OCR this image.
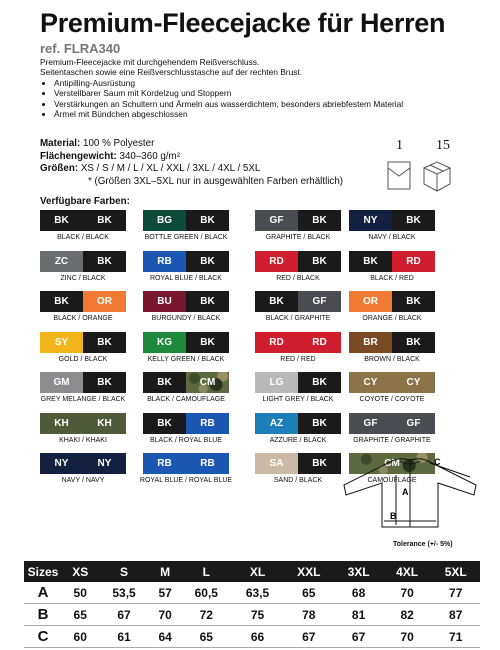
Premium-Fleecejacke für Herren
ref. FLRA340
Premium-Fleecejacke mit durchgehendem Reißverschluss.
Seitentaschen sowie eine Reißverschlusstasche auf der rechten Brust.
• Antipilling-Ausrüstung
• Verstellbarer Saum mit Kordelzug und Stoppern
• Verstärkungen an Schultern und Ärmeln aus wasserdichtem, besonders abriebfestem Material
• Ärmel mit Bündchen abgeschlossen
Material: 100 % Polyester
Flächengewicht: 340–360 g/m²
Größen: XS / S / M / L / XL / XXL / 3XL / 4XL / 5XL
* (Größen 3XL–5XL nur in ausgewählten Farben erhältlich)
1 15
Verfügbare Farben:
BK	BK
BLACK / BLACK
BG	BK
BOTTLE GREEN / BLACK
GF	BK
GRAPHITE / BLACK
NY	BK
NAVY / BLACK
ZC	BK
ZINC / BLACK
RB	BK
ROYAL BLUE / BLACK
RD	BK
RED / BLACK
BK	RD
BLACK / RED
BK	OR
BLACK / ORANGE
BU	BK
BURGUNDY / BLACK
BK	GF
BLACK / GRAPHITE
OR	BK
ORANGE / BLACK
SY	BK
GOLD / BLACK
KG	BK
KELLY GREEN / BLACK
RD	RD
RED / RED
BR	BK
BROWN / BLACK
GM	BK
GREY MELANGE / BLACK
BK	CM
BLACK / CAMOUFLAGE
LG	BK
LIGHT GREY / BLACK
CY	CY
COYOTE / COYOTE
KH	KH
KHAKI / KHAKI
BK	RB
BLACK / ROYAL BLUE
AZ	BK
AZZURE / BLACK
GF	GF
GRAPHITE / GRAPHITE
NY	NY
NAVY / NAVY
RB	RB
ROYAL BLUE / ROYAL BLUE
SA	BK
SAND / BLACK
CM
CAMOUFLAGE
A
B
C
Tolerance (+/- 5%)
Sizes	XS	S	M	L	XL	XXL	3XL	4XL	5XL
A	50	53,5	57	60,5	63,5	65	68	70	77
B	65	67	70	72	75	78	81	82	87
C	60	61	64	65	66	67	67	70	71
